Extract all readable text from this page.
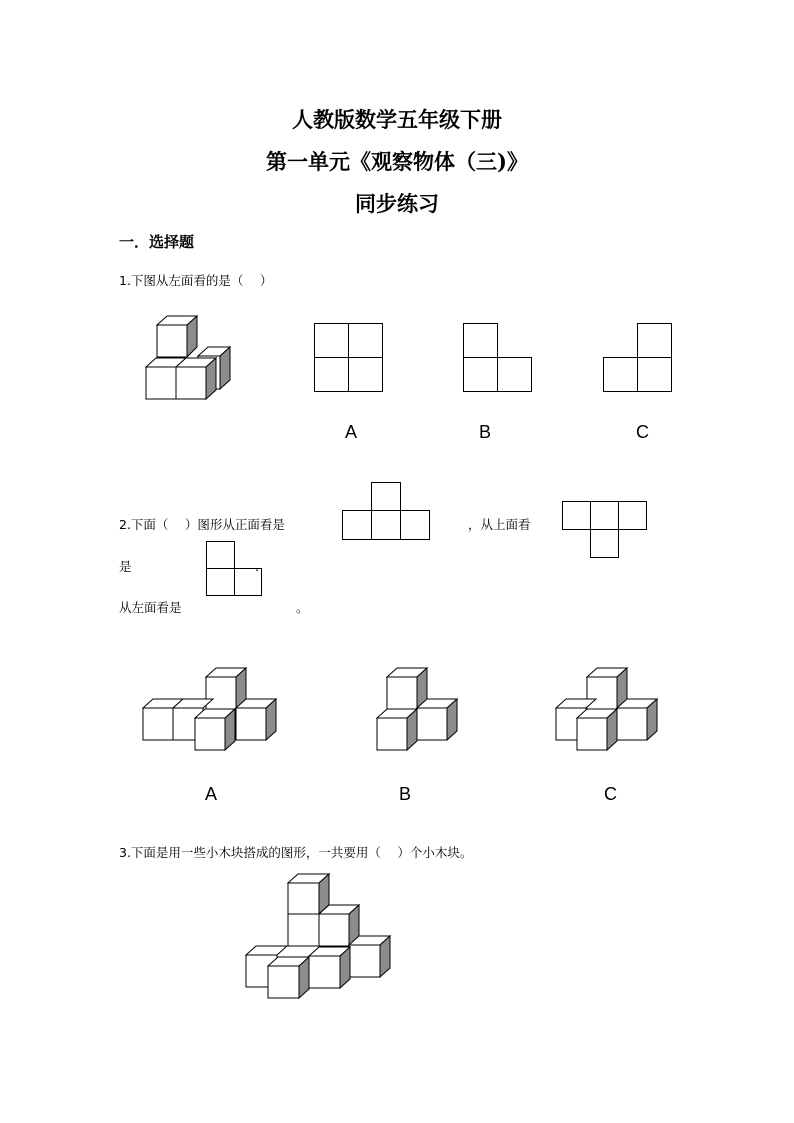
人教版数学五年级下册
第一单元《观察物体（三)》
同步练习
一．选择题
1.下图从左面看的是（　 ）
A	B	C
2.下面（　 ）图形从正面看是	，从上面看
是	.
从左面看是	。
A	B	C
3.下面是用一些小木块搭成的图形，一共要用（　 ）个小木块。
